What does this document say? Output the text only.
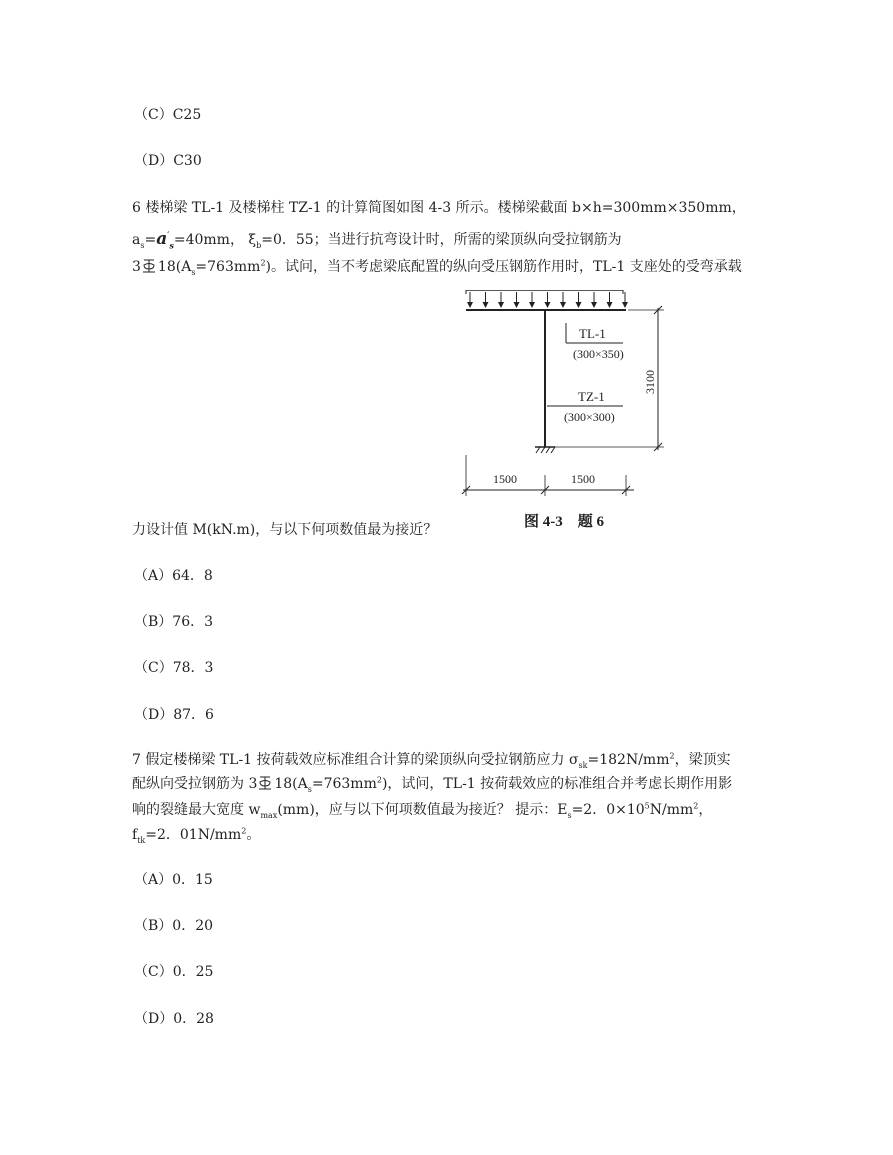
（C）C25
（D）C30
6 楼梯梁 TL-1 及楼梯柱 TZ-1 的计算简图如图 4-3 所示。楼梯梁截面 b×h=300mm×350mm，
$a_s=a'_s=40mm$， $\xi_b=0$．55；当进行抗弯设计时，所需的梁顶纵向受拉钢筋为
3 $18(A_s=763mm^2)$。试问，当不考虑梁底配置的纵向受压钢筋作用时，TL-1 支座处的受弯承载
TL-1
(300×350)
TZ-1
(300×300)
3100
1500	1500
图 4-3　题 6
力设计值 M(kN.m)，与以下何项数值最为接近？
（A）64．8
（B）76．3
（C）78．3
（D）87．6
7 假定楼梯梁 TL-1 按荷载效应标准组合计算的梁顶纵向受拉钢筋应力 $\sigma_{sk}=182N/mm^2$，梁顶实
配纵向受拉钢筋为 3 $18(A_s=763mm^2)$，试问，TL-1 按荷载效应的标准组合并考虑长期作用影
响的裂缝最大宽度 $w_{max}(mm)$，应与以下何项数值最为接近？ 提示：$E_s=2$．$0\times 10^5N/mm^2$，
$f_{tk}=2$．$01N/mm^2$。
（A）0．15
（B）0．20
（C）0．25
（D）0．28
